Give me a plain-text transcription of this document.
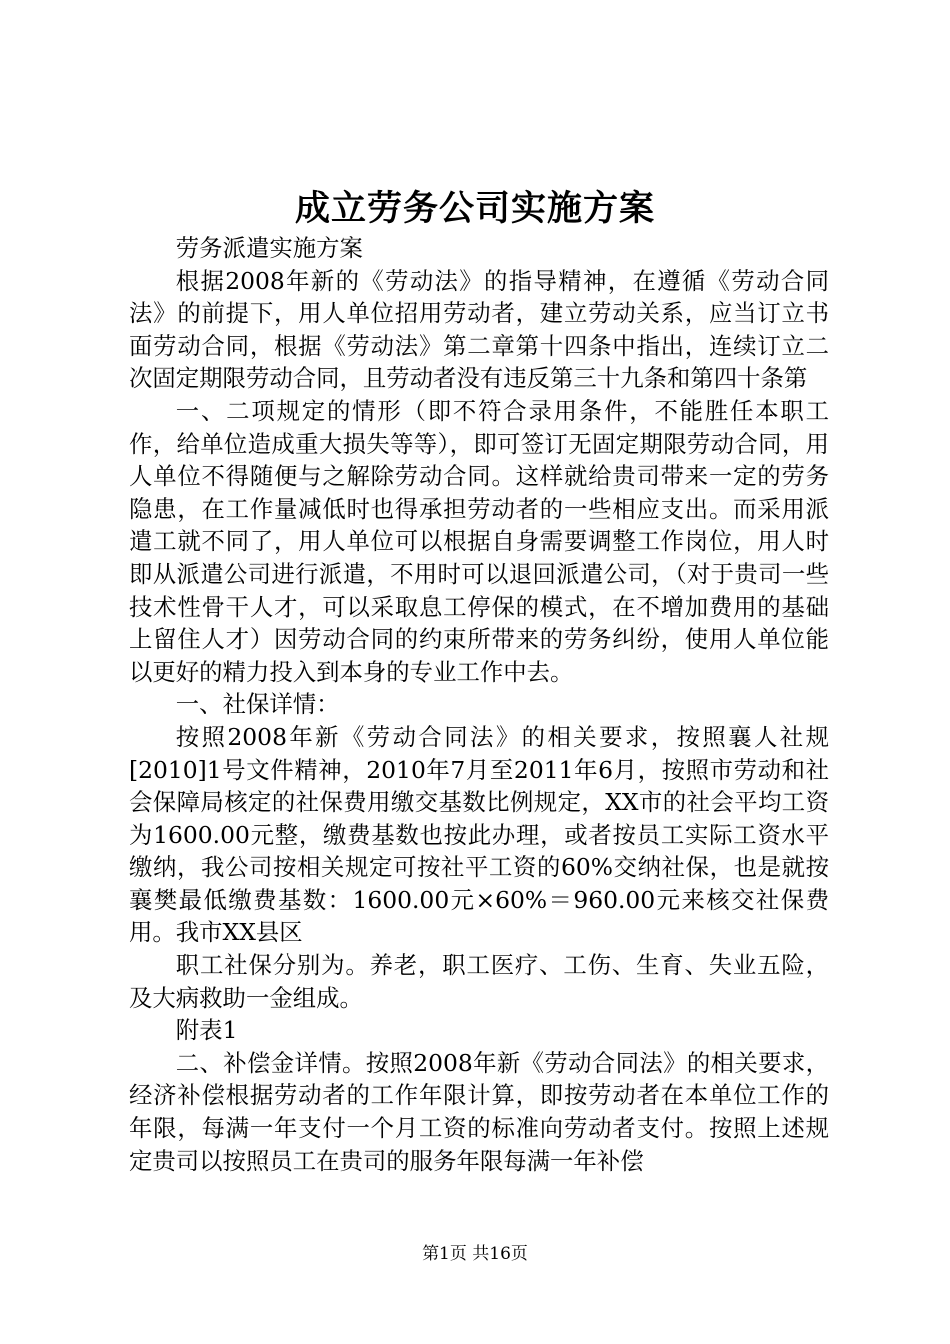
成立劳务公司实施方案

劳务派遣实施方案

根据2008年新的《劳动法》的指导精神，在遵循《劳动合同法》的前提下，用人单位招用劳动者，建立劳动关系，应当订立书面劳动合同，根据《劳动法》第二章第十四条中指出，连续订立二次固定期限劳动合同，且劳动者没有违反第三十九条和第四十条第

一、二项规定的情形（即不符合录用条件，不能胜任本职工作，给单位造成重大损失等等），即可签订无固定期限劳动合同，用人单位不得随便与之解除劳动合同。这样就给贵司带来一定的劳务隐患，在工作量减低时也得承担劳动者的一些相应支出。而采用派遣工就不同了，用人单位可以根据自身需要调整工作岗位，用人时即从派遣公司进行派遣，不用时可以退回派遣公司，（对于贵司一些技术性骨干人才，可以采取息工停保的模式，在不增加费用的基础上留住人才）因劳动合同的约束所带来的劳务纠纷，使用人单位能以更好的精力投入到本身的专业工作中去。

一、社保详情：

按照2008年新《劳动合同法》的相关要求，按照襄人社规[2010]1号文件精神，2010年7月至2011年6月，按照市劳动和社会保障局核定的社保费用缴交基数比例规定，XX市的社会平均工资为1600.00元整，缴费基数也按此办理，或者按员工实际工资水平缴纳，我公司按相关规定可按社平工资的60%交纳社保，也是就按襄樊最低缴费基数：1600.00元×60%＝960.00元来核交社保费用。我市XX县区

职工社保分别为。养老，职工医疗、工伤、生育、失业五险，及大病救助一金组成。

附表1

二、补偿金详情。按照2008年新《劳动合同法》的相关要求，经济补偿根据劳动者的工作年限计算，即按劳动者在本单位工作的年限，每满一年支付一个月工资的标准向劳动者支付。按照上述规定贵司以按照员工在贵司的服务年限每满一年补偿

第1页 共16页
